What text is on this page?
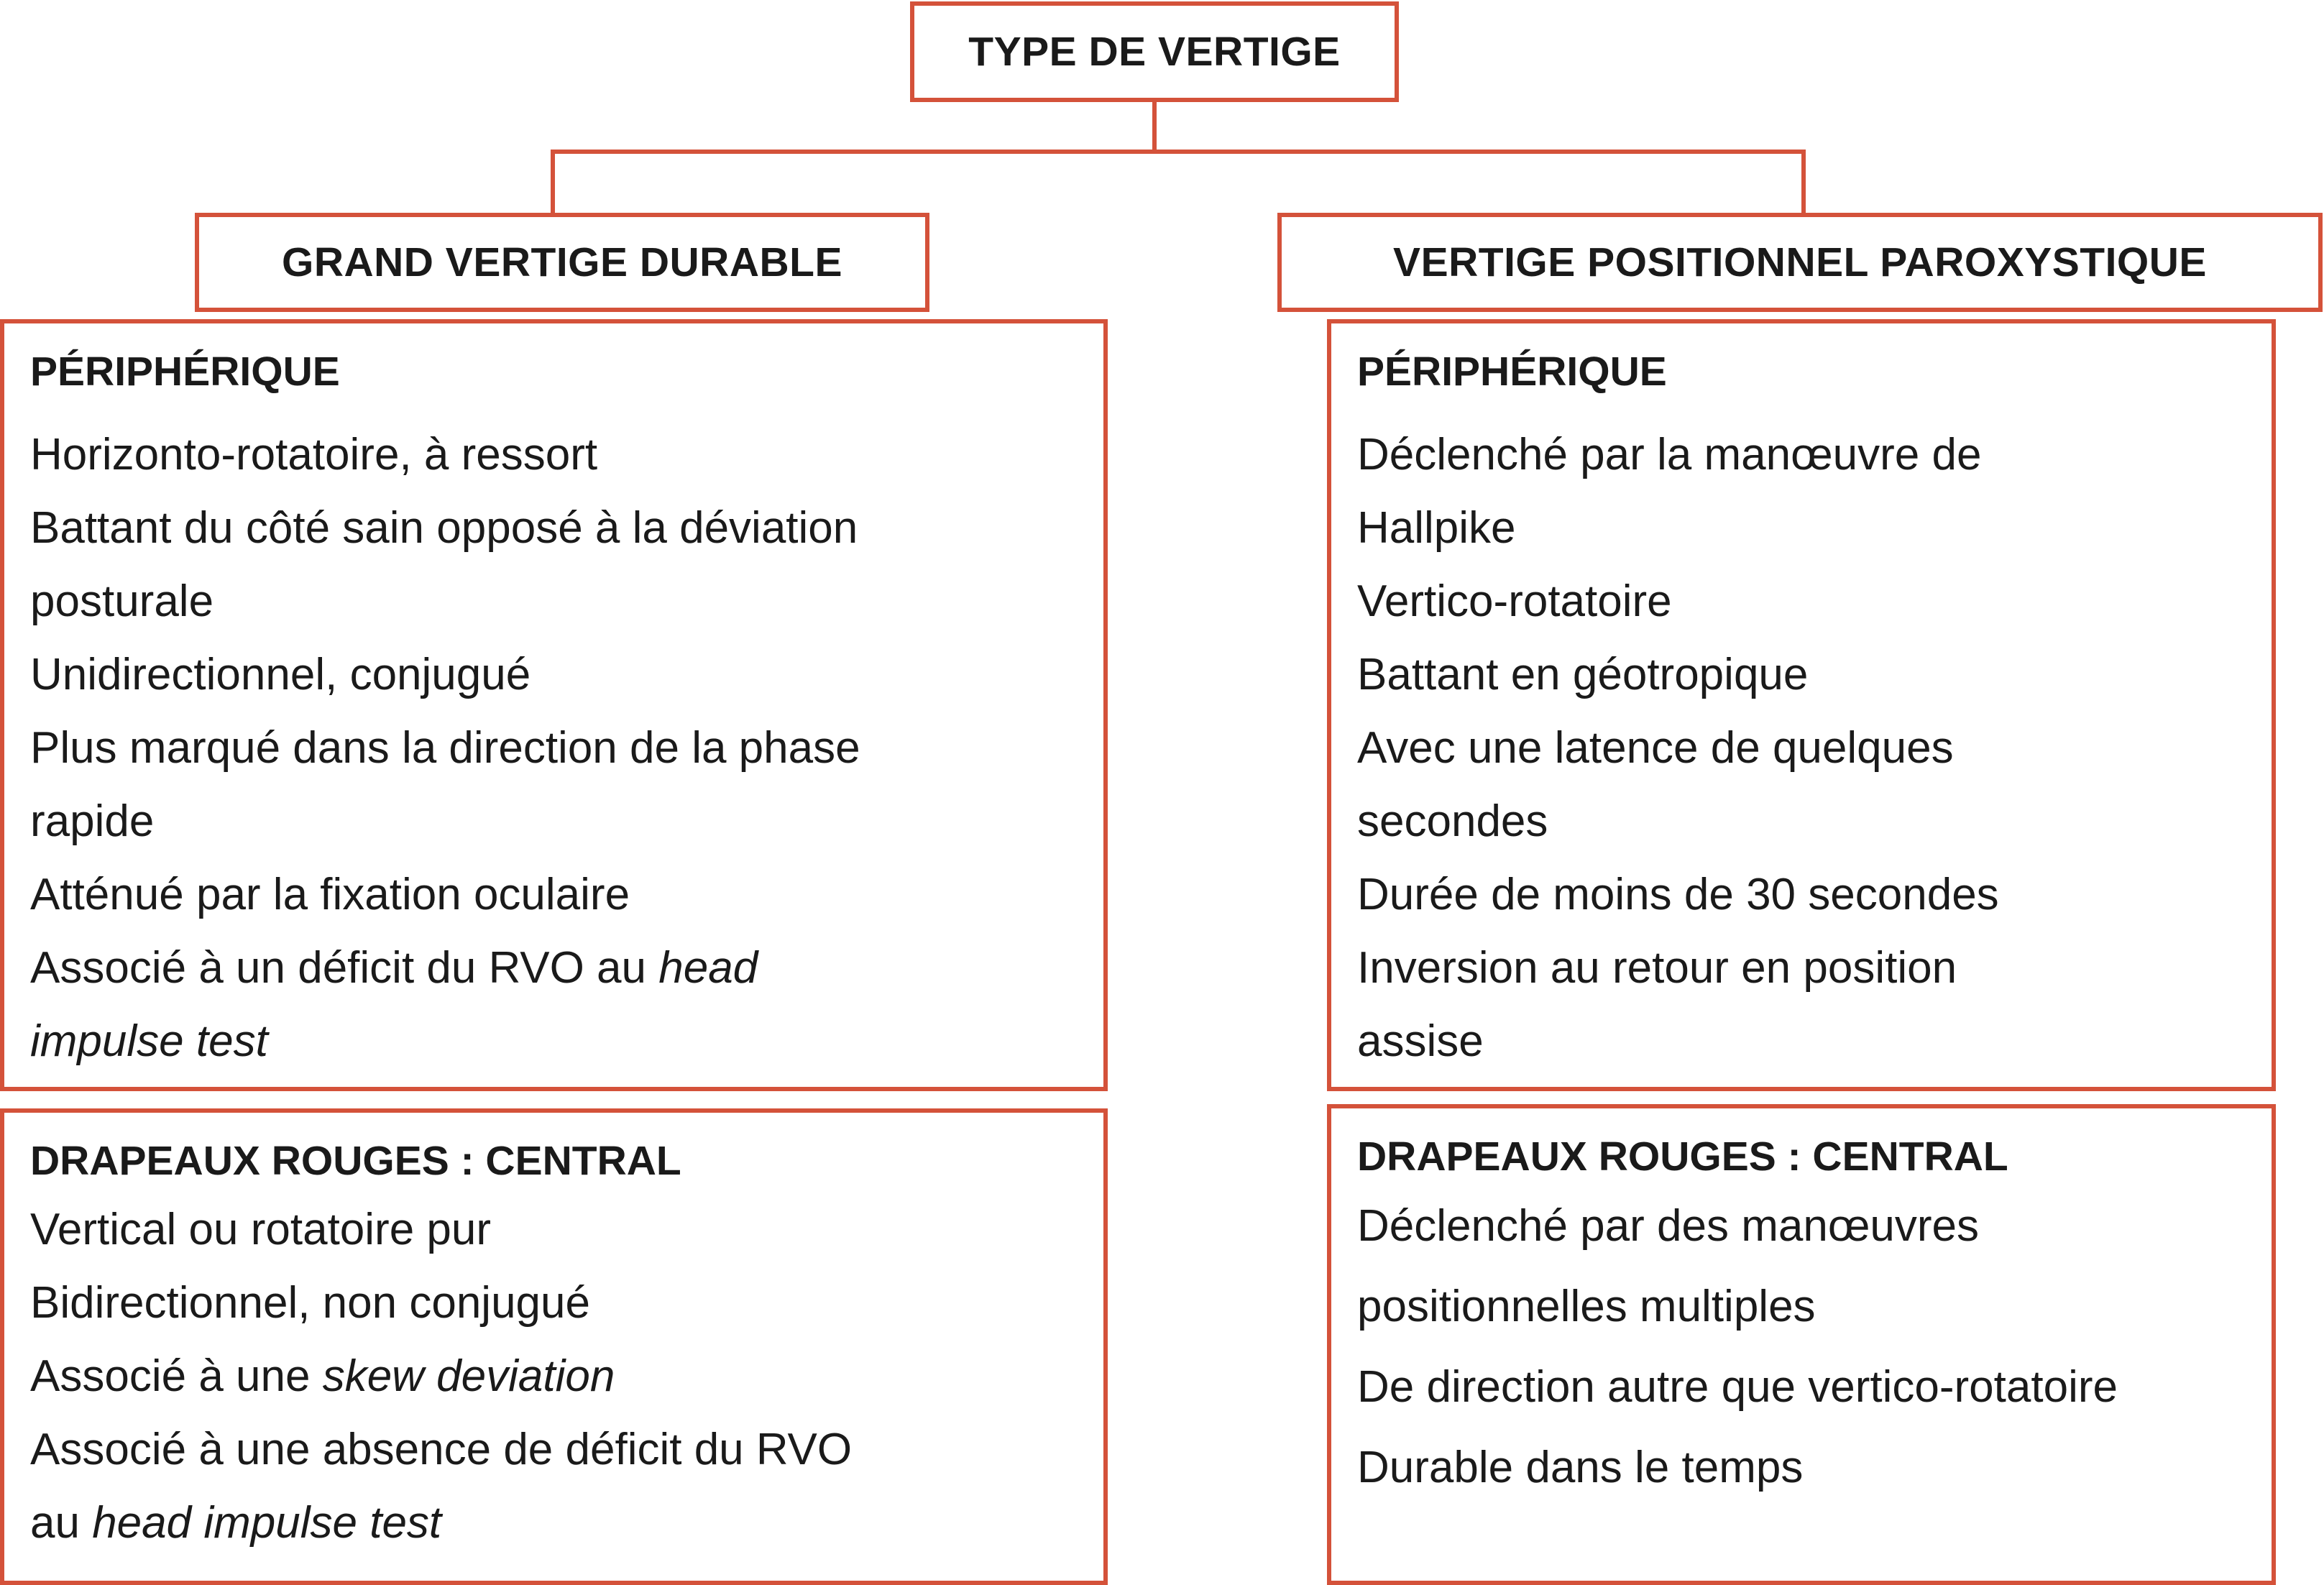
TYPE DE VERTIGE
GRAND VERTIGE DURABLE	VERTIGE POSITIONNEL PAROXYSTIQUE
PÉRIPHÉRIQUE
Horizonto-rotatoire, à ressort
Battant du côté sain opposé à la déviation
posturale
Unidirectionnel, conjugué
Plus marqué dans la direction de la phase
rapide
Atténué par la fixation oculaire
Associé à un déficit du RVO au head
impulse test
DRAPEAUX ROUGES : CENTRAL
Vertical ou rotatoire pur
Bidirectionnel, non conjugué
Associé à une skew deviation
Associé à une absence de déficit du RVO
au head impulse test
PÉRIPHÉRIQUE
Déclenché par la manœuvre de
Hallpike
Vertico-rotatoire
Battant en géotropique
Avec une latence de quelques
secondes
Durée de moins de 30 secondes
Inversion au retour en position
assise
DRAPEAUX ROUGES : CENTRAL
Déclenché par des manœuvres
positionnelles multiples
De direction autre que vertico-rotatoire
Durable dans le temps
